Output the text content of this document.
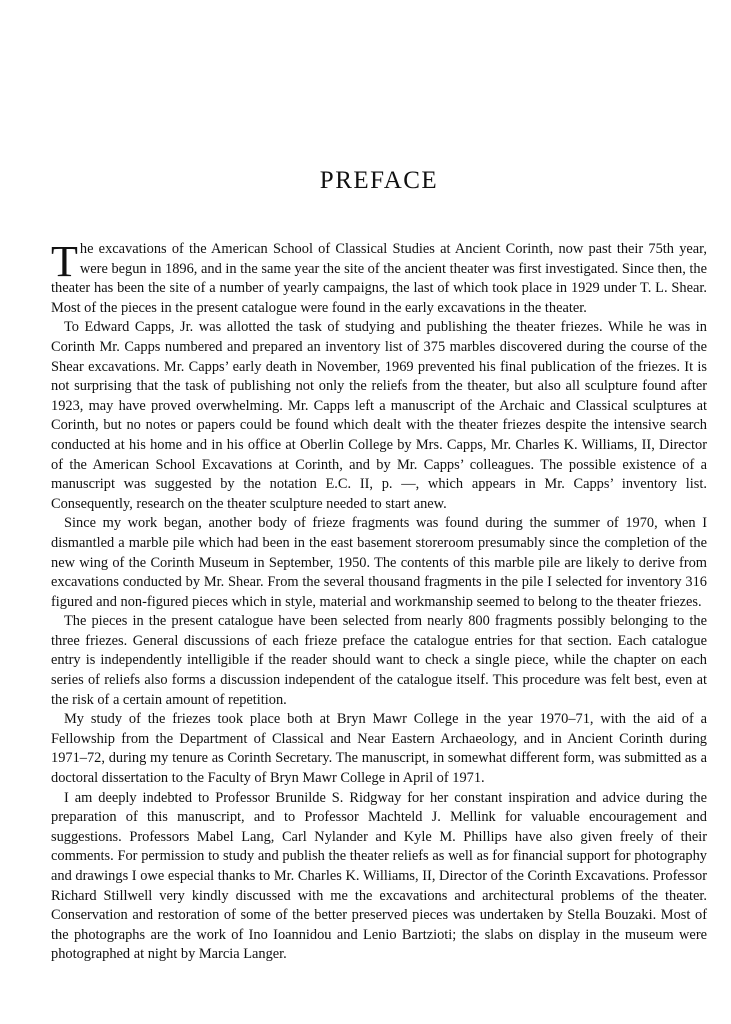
PREFACE

The excavations of the American School of Classical Studies at Ancient Corinth, now past their 75th year, were begun in 1896, and in the same year the site of the ancient theater was first investigated. Since then, the theater has been the site of a number of yearly campaigns, the last of which took place in 1929 under T. L. Shear. Most of the pieces in the present catalogue were found in the early excavations in the theater.

To Edward Capps, Jr. was allotted the task of studying and publishing the theater friezes. While he was in Corinth Mr. Capps numbered and prepared an inventory list of 375 marbles discovered during the course of the Shear excavations. Mr. Capps’ early death in November, 1969 prevented his final publication of the friezes. It is not surprising that the task of publishing not only the reliefs from the theater, but also all sculpture found after 1923, may have proved overwhelming. Mr. Capps left a manuscript of the Archaic and Classical sculptures at Corinth, but no notes or papers could be found which dealt with the theater friezes despite the intensive search conducted at his home and in his office at Oberlin College by Mrs. Capps, Mr. Charles K. Williams, II, Director of the American School Excavations at Corinth, and by Mr. Capps’ colleagues. The possible existence of a manuscript was suggested by the notation E.C. II, p. —, which appears in Mr. Capps’ inventory list. Consequently, research on the theater sculpture needed to start anew.

Since my work began, another body of frieze fragments was found during the summer of 1970, when I dismantled a marble pile which had been in the east basement storeroom presumably since the completion of the new wing of the Corinth Museum in September, 1950. The contents of this marble pile are likely to derive from excavations conducted by Mr. Shear. From the several thousand fragments in the pile I selected for inventory 316 figured and non-figured pieces which in style, material and workmanship seemed to belong to the theater friezes.

The pieces in the present catalogue have been selected from nearly 800 fragments possibly belonging to the three friezes. General discussions of each frieze preface the catalogue entries for that section. Each catalogue entry is independently intelligible if the reader should want to check a single piece, while the chapter on each series of reliefs also forms a discussion independent of the catalogue itself. This procedure was felt best, even at the risk of a certain amount of repetition.

My study of the friezes took place both at Bryn Mawr College in the year 1970–71, with the aid of a Fellowship from the Department of Classical and Near Eastern Archaeology, and in Ancient Corinth during 1971–72, during my tenure as Corinth Secretary. The manuscript, in somewhat different form, was submitted as a doctoral dissertation to the Faculty of Bryn Mawr College in April of 1971.

I am deeply indebted to Professor Brunilde S. Ridgway for her constant inspiration and advice during the preparation of this manuscript, and to Professor Machteld J. Mellink for valuable encouragement and suggestions. Professors Mabel Lang, Carl Nylander and Kyle M. Phillips have also given freely of their comments. For permission to study and publish the theater reliefs as well as for financial support for photography and drawings I owe especial thanks to Mr. Charles K. Williams, II, Director of the Corinth Excavations. Professor Richard Stillwell very kindly discussed with me the excavations and architectural problems of the theater. Conservation and restoration of some of the better preserved pieces was undertaken by Stella Bouzaki. Most of the photographs are the work of Ino Ioannidou and Lenio Bartzioti; the slabs on display in the museum were photographed at night by Marcia Langer.
